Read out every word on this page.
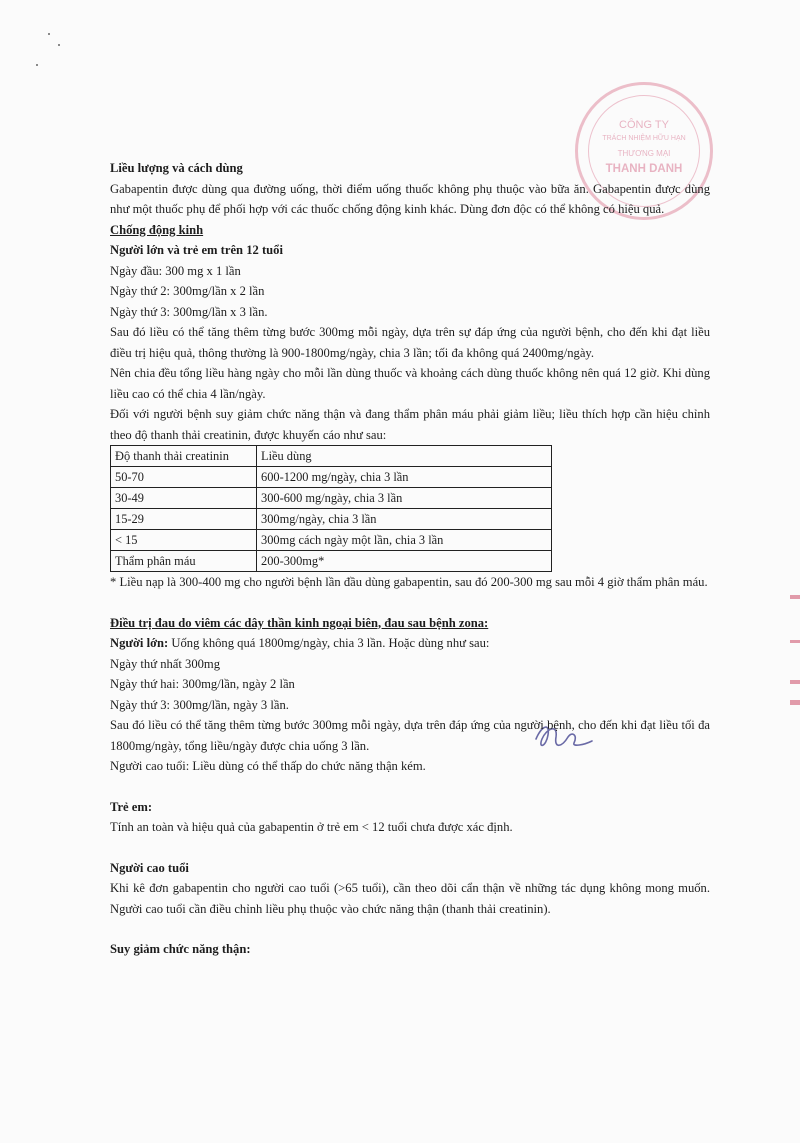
CÔNG TY
TRÁCH NHIỆM HỮU HẠN
THƯƠNG MẠI
THANH DANH

Liều lượng và cách dùng

Gabapentin được dùng qua đường uống, thời điểm uống thuốc không phụ thuộc vào bữa ăn. Gabapentin được dùng như một thuốc phụ để phối hợp với các thuốc chống động kinh khác. Dùng đơn độc có thể không có hiệu quả.

Chống động kinh

Người lớn và trẻ em trên 12 tuổi

Ngày đầu: 300 mg x 1 lần

Ngày thứ 2: 300mg/lần x 2 lần

Ngày thứ 3: 300mg/lần x 3 lần.

Sau đó liều có thể tăng thêm từng bước 300mg mỗi ngày, dựa trên sự đáp ứng của người bệnh, cho đến khi đạt liều điều trị hiệu quả, thông thường là 900-1800mg/ngày, chia 3 lần; tối đa không quá 2400mg/ngày.

Nên chia đều tổng liều hàng ngày cho mỗi lần dùng thuốc và khoảng cách dùng thuốc không nên quá 12 giờ. Khi dùng liều cao có thể chia 4 lần/ngày.

Đối với người bệnh suy giảm chức năng thận và đang thẩm phân máu phải giảm liều; liều thích hợp cần hiệu chỉnh theo độ thanh thải creatinin, được khuyến cáo như sau:

Độ thanh thải creatinin	Liều dùng
50-70	600-1200 mg/ngày, chia 3 lần
30-49	300-600 mg/ngày, chia 3 lần
15-29	300mg/ngày, chia 3 lần
< 15	300mg cách ngày một lần, chia 3 lần
Thẩm phân máu	200-300mg*

* Liều nạp là 300-400 mg cho người bệnh lần đầu dùng gabapentin, sau đó 200-300 mg sau mỗi 4 giờ thẩm phân máu.

Điều trị đau do viêm các dây thần kinh ngoại biên, đau sau bệnh zona:

Người lớn: Uống không quá 1800mg/ngày, chia 3 lần. Hoặc dùng như sau:

Ngày thứ nhất 300mg

Ngày thứ hai: 300mg/lần, ngày 2 lần

Ngày thứ 3: 300mg/lần, ngày 3 lần.

Sau đó liều có thể tăng thêm từng bước 300mg mỗi ngày, dựa trên đáp ứng của người bệnh, cho đến khi đạt liều tối đa 1800mg/ngày, tổng liều/ngày được chia uống 3 lần.

Người cao tuổi: Liều dùng có thể thấp do chức năng thận kém.

Trẻ em:

Tính an toàn và hiệu quả của gabapentin ở trẻ em < 12 tuổi chưa được xác định.

Người cao tuổi

Khi kê đơn gabapentin cho người cao tuổi (>65 tuổi), cần theo dõi cẩn thận về những tác dụng không mong muốn. Người cao tuổi cần điều chỉnh liều phụ thuộc vào chức năng thận (thanh thải creatinin).

Suy giảm chức năng thận:
